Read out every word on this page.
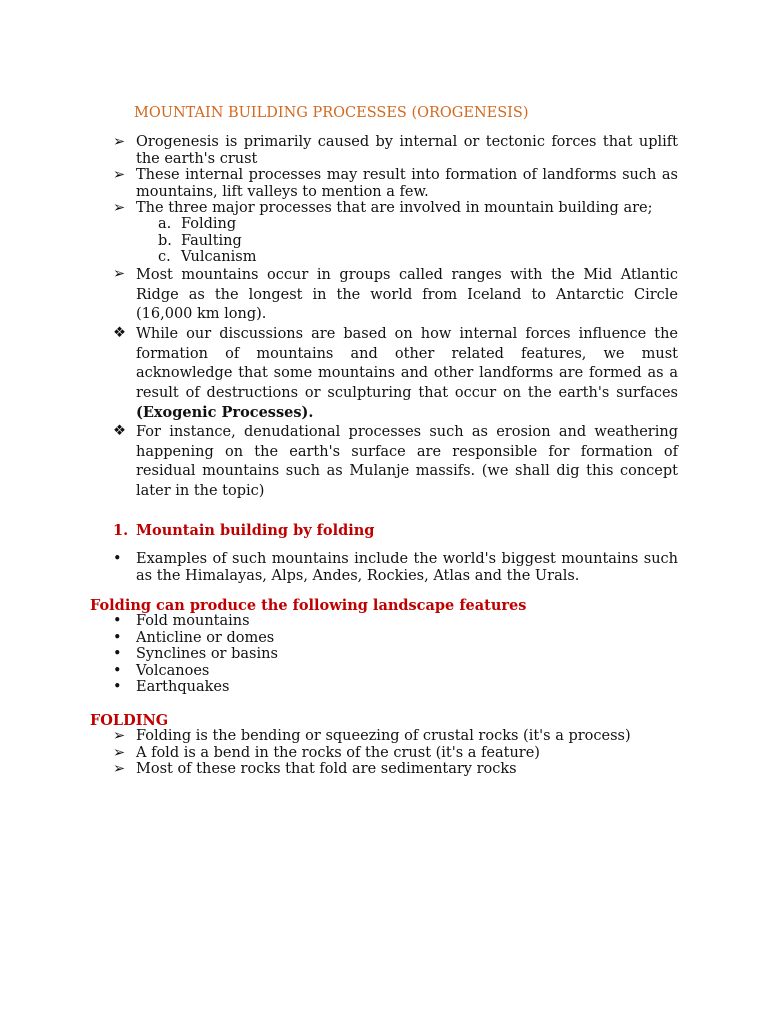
MOUNTAIN BUILDING PROCESSES (OROGENESIS)
➢ Orogenesis is primarily caused by internal or tectonic forces that uplift the earth's crust
➢ These internal processes may result into formation of landforms such as mountains, lift valleys to mention a few.
➢ The three major processes that are involved in mountain building are;
a. Folding
b. Faulting
c. Vulcanism
➢ Most mountains occur in groups called ranges with the Mid Atlantic Ridge as the longest in the world from Iceland to Antarctic Circle (16,000 km long).
❖ While our discussions are based on how internal forces influence the formation of mountains and other related features, we must acknowledge that some mountains and other landforms are formed as a result of destructions or sculpturing that occur on the earth's surfaces (Exogenic Processes).
❖ For instance, denudational processes such as erosion and weathering happening on the earth's surface are responsible for formation of residual mountains such as Mulanje massifs. (we shall dig this concept later in the topic)
1. Mountain building by folding
• Examples of such mountains include the world's biggest mountains such as the Himalayas, Alps, Andes, Rockies, Atlas and the Urals.
Folding can produce the following landscape features
• Fold mountains
• Anticline or domes
• Synclines or basins
• Volcanoes
• Earthquakes
FOLDING
➢ Folding is the bending or squeezing of crustal rocks (it's a process)
➢ A fold is a bend in the rocks of the crust (it's a feature)
➢ Most of these rocks that fold are sedimentary rocks
